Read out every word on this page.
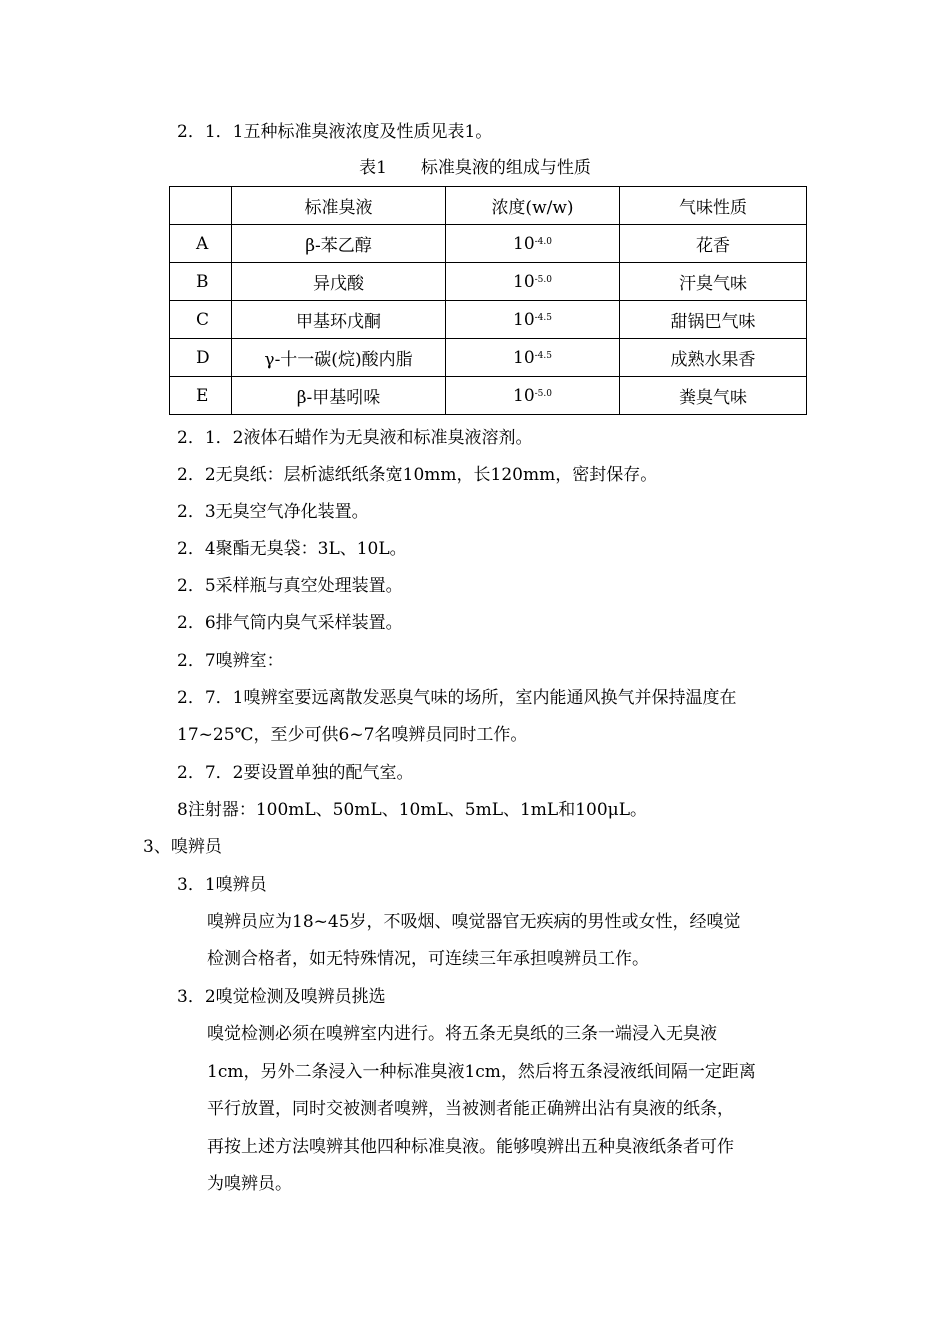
2．1．1五种标准臭液浓度及性质见表1。
表1 标准臭液的组成与性质
	标准臭液	浓度(w/w)	气味性质
A	β-苯乙醇	$10^{-4.0}$	花香
B	异戊酸	$10^{-5.0}$	汗臭气味
C	甲基环戊酮	$10^{-4.5}$	甜锅巴气味
D	γ-十一碳(烷)酸内脂	$10^{-4.5}$	成熟水果香
E	β-甲基吲哚	$10^{-5.0}$	粪臭气味
2．1．2液体石蜡作为无臭液和标准臭液溶剂。
2．2无臭纸：层析滤纸纸条宽10mm，长120mm，密封保存。
2．3无臭空气净化装置。
2．4聚酯无臭袋：3L、10L。
2．5采样瓶与真空处理装置。
2．6排气筒内臭气采样装置。
2．7嗅辨室：
2．7．1嗅辨室要远离散发恶臭气味的场所，室内能通风换气并保持温度在
17~25℃，至少可供6~7名嗅辨员同时工作。
2．7．2要设置单独的配气室。
8注射器：100mL、50mL、10mL、5mL、1mL和100μL。
3、嗅辨员
3．1嗅辨员
嗅辨员应为18~45岁，不吸烟、嗅觉器官无疾病的男性或女性，经嗅觉
检测合格者，如无特殊情况，可连续三年承担嗅辨员工作。
3．2嗅觉检测及嗅辨员挑选
嗅觉检测必须在嗅辨室内进行。将五条无臭纸的三条一端浸入无臭液
1cm，另外二条浸入一种标准臭液1cm，然后将五条浸液纸间隔一定距离
平行放置，同时交被测者嗅辨，当被测者能正确辨出沾有臭液的纸条，
再按上述方法嗅辨其他四种标准臭液。能够嗅辨出五种臭液纸条者可作
为嗅辨员。
